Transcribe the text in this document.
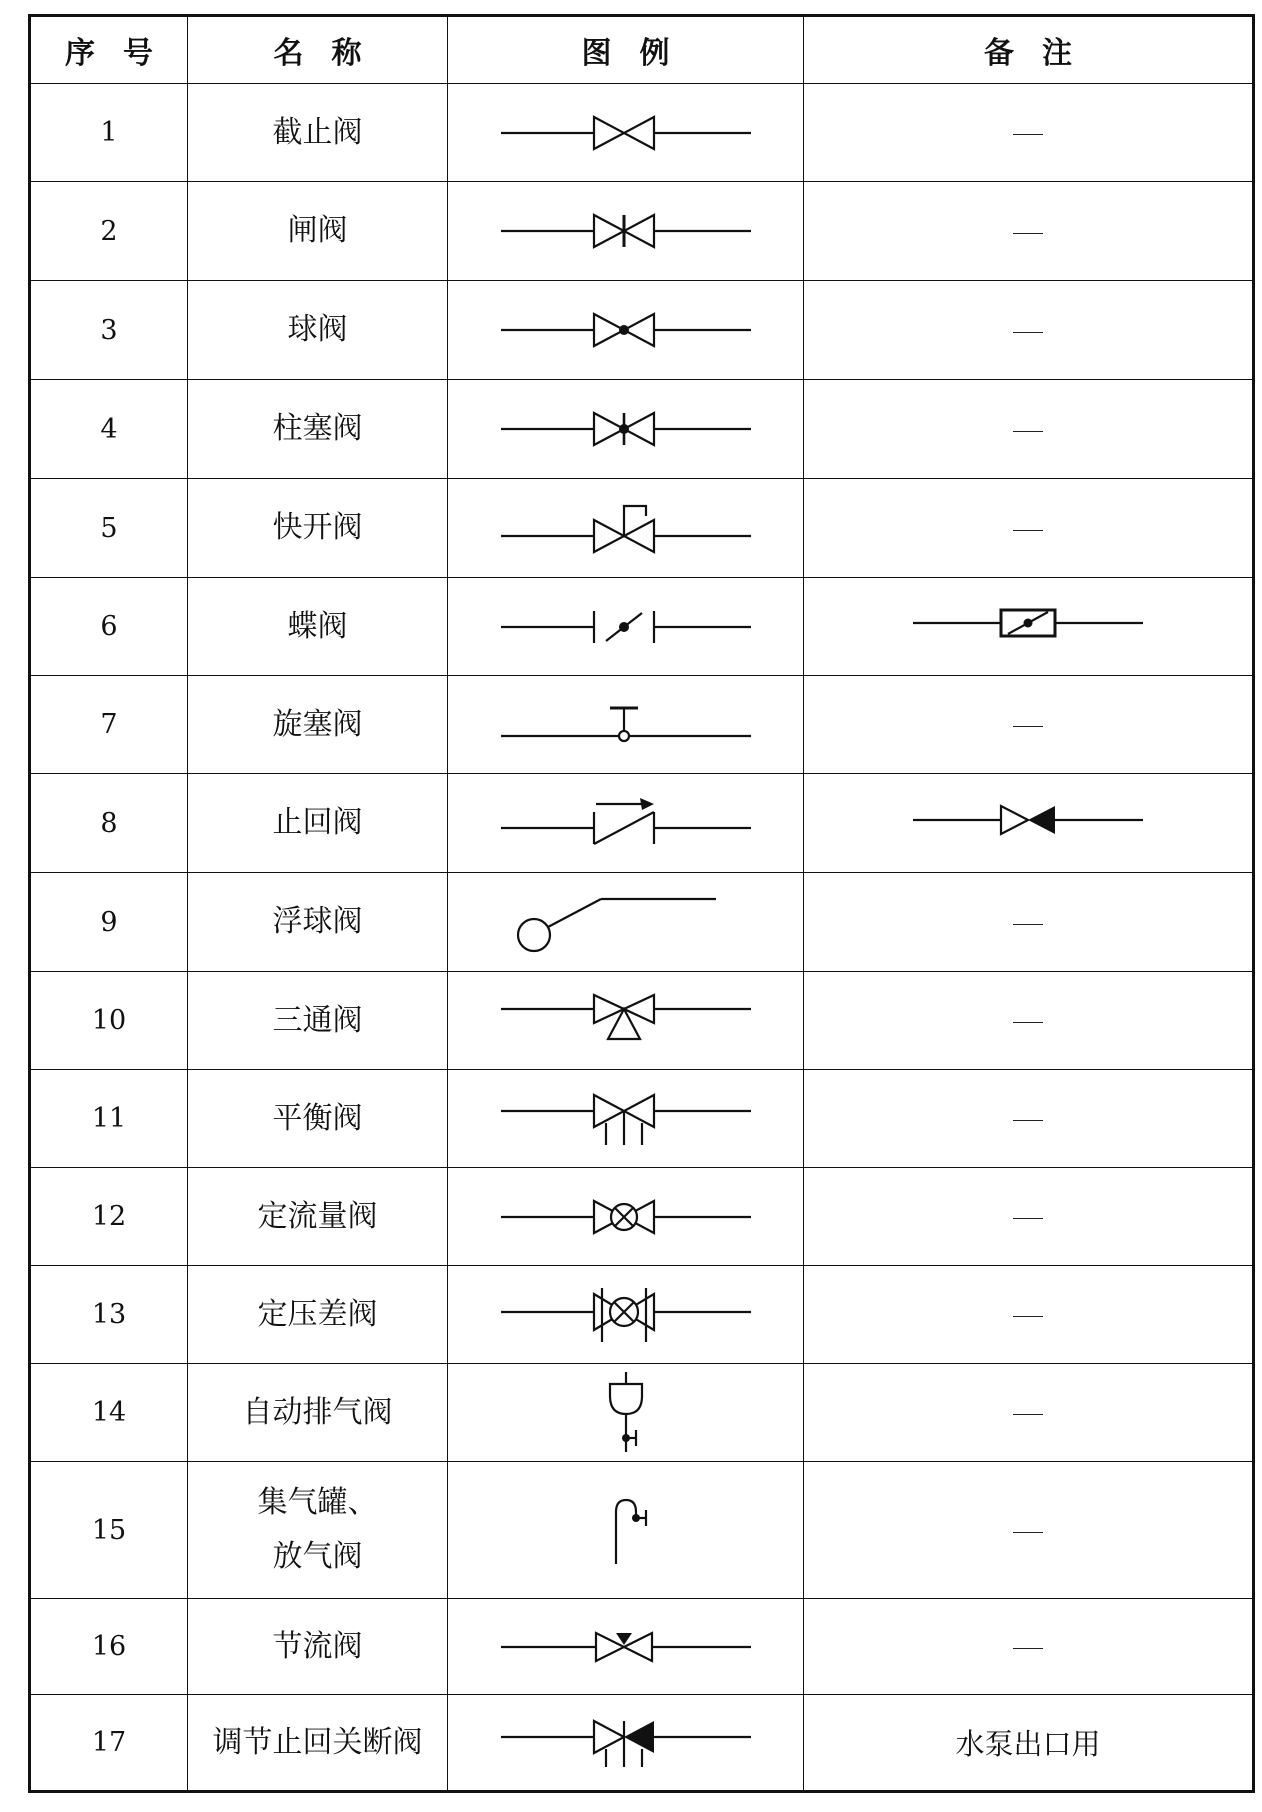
序号	名称	图例	备注
1	截止阀	

2	闸阀	

3	球阀	

4	柱塞阀	

5	快开阀	

6	蝶阀	

7	旋塞阀	

8	止回阀	

9	浮球阀	

10	三通阀	

11	平衡阀	

12	定流量阀	

13	定压差阀	

14	自动排气阀	

15	集气罐、
放气阀

16	节流阀	

17	调节止回关断阀		水泵出口用
